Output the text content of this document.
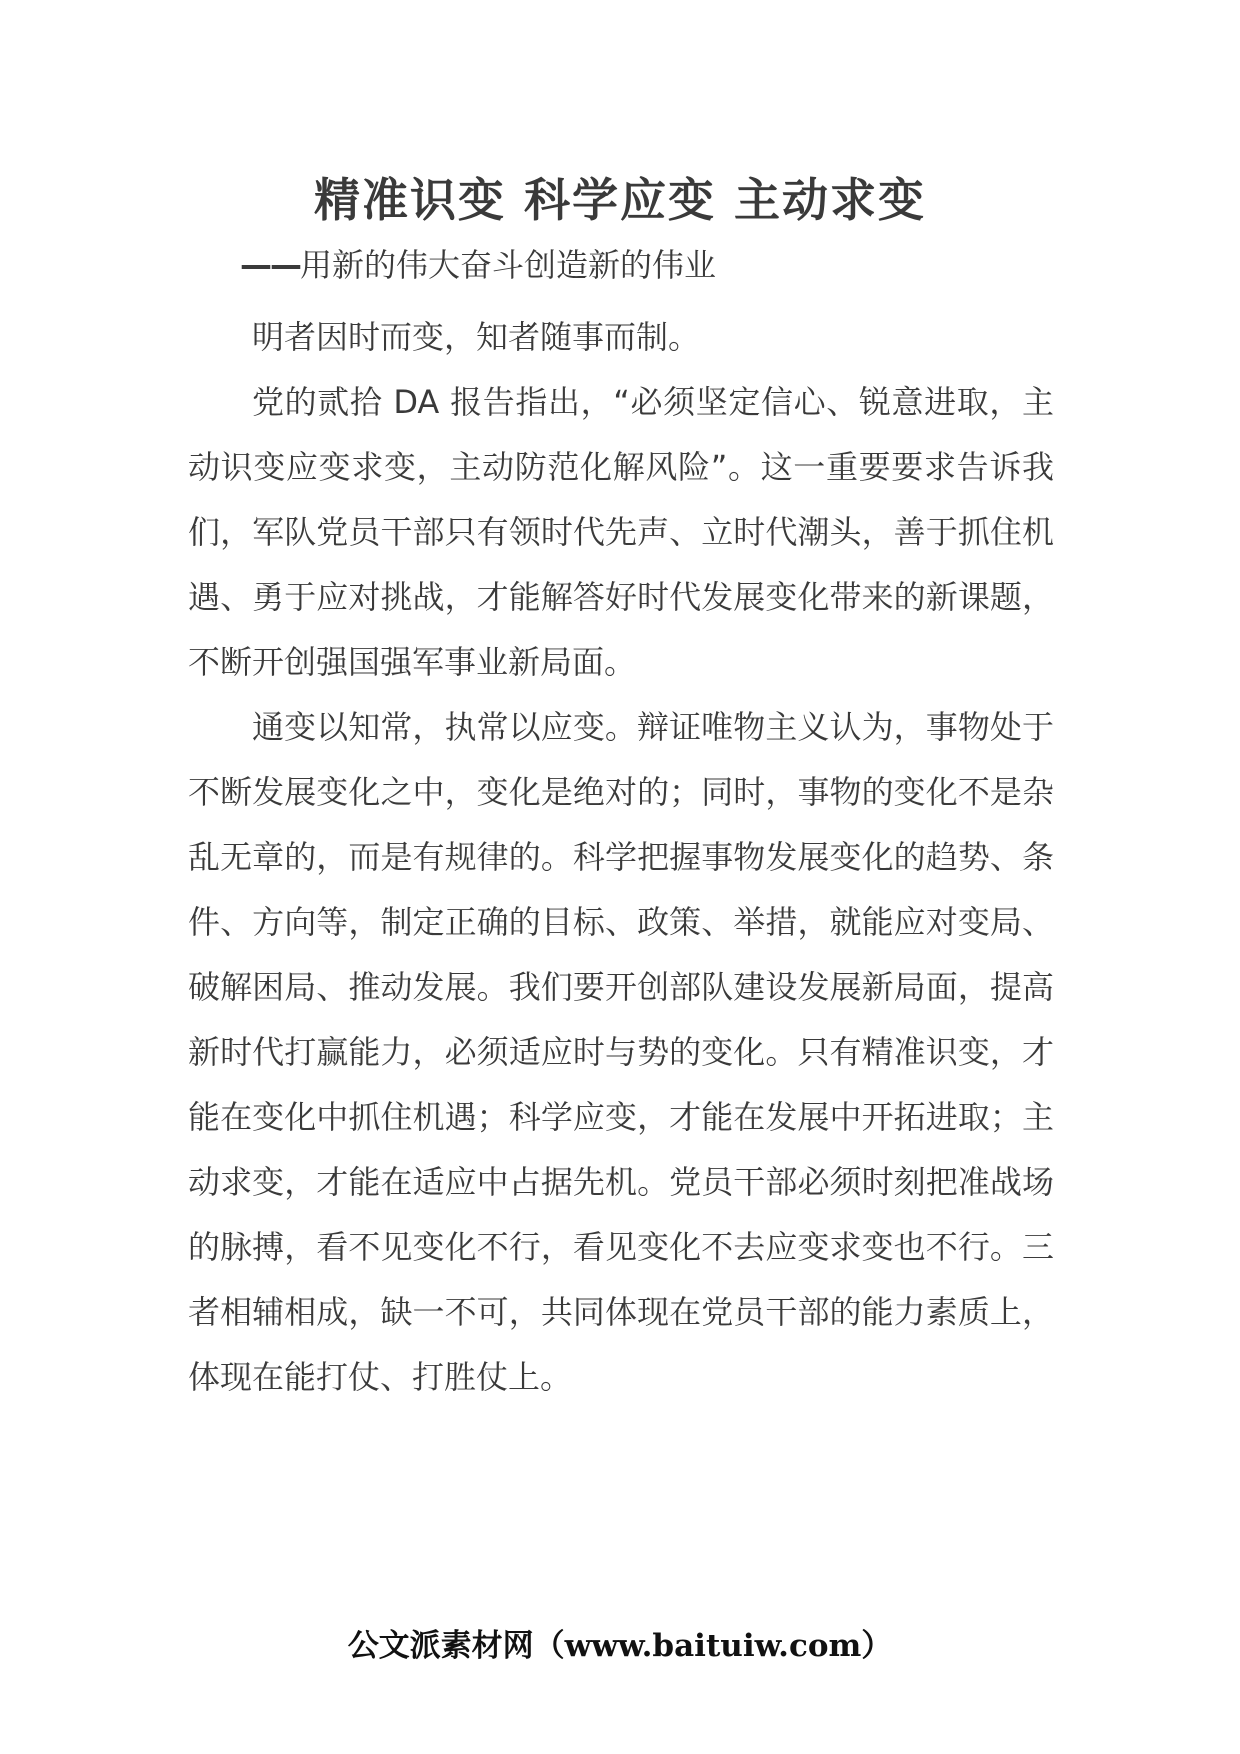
精准识变 科学应变 主动求变

——用新的伟大奋斗创造新的伟业

明者因时而变，知者随事而制。

党的贰拾 DA 报告指出，“必须坚定信心、锐意进取，主动识变应变求变，主动防范化解风险”。这一重要要求告诉我们，军队党员干部只有领时代先声、立时代潮头，善于抓住机遇、勇于应对挑战，才能解答好时代发展变化带来的新课题，不断开创强国强军事业新局面。

通变以知常，执常以应变。辩证唯物主义认为，事物处于不断发展变化之中，变化是绝对的；同时，事物的变化不是杂乱无章的，而是有规律的。科学把握事物发展变化的趋势、条件、方向等，制定正确的目标、政策、举措，就能应对变局、破解困局、推动发展。我们要开创部队建设发展新局面，提高新时代打赢能力，必须适应时与势的变化。只有精准识变，才能在变化中抓住机遇；科学应变，才能在发展中开拓进取；主动求变，才能在适应中占据先机。党员干部必须时刻把准战场的脉搏，看不见变化不行，看见变化不去应变求变也不行。三者相辅相成，缺一不可，共同体现在党员干部的能力素质上，体现在能打仗、打胜仗上。

公文派素材网（www.baituiw.com）
